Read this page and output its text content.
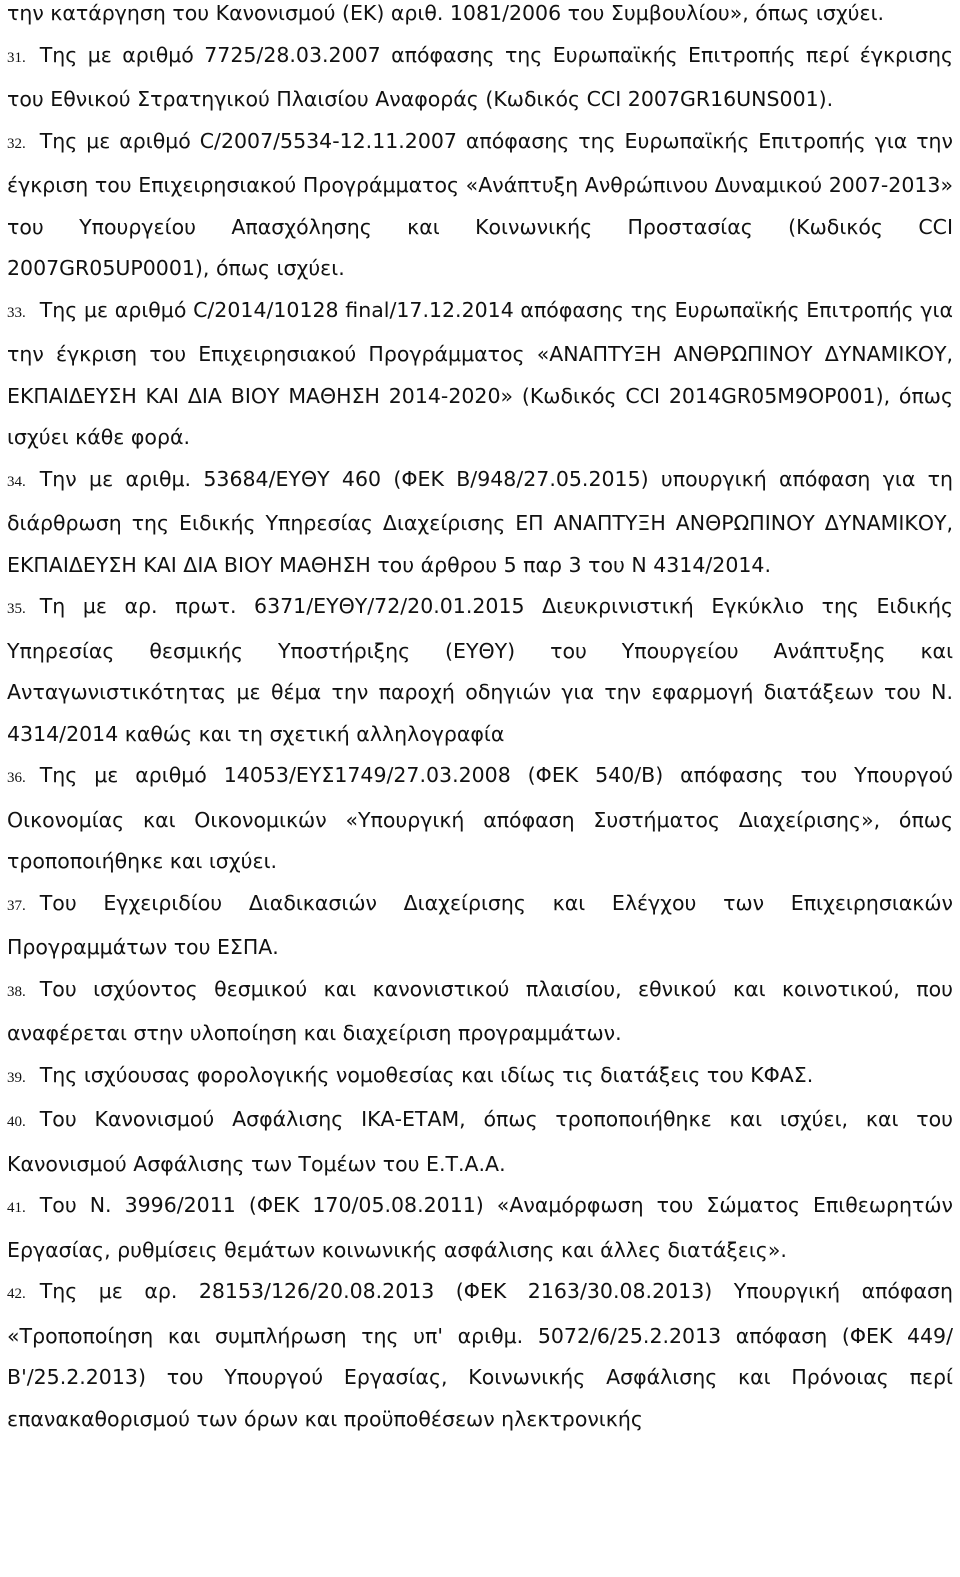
την κατάργηση του Κανονισμού (ΕΚ) αριθ. 1081/2006 του Συμβουλίου», όπως ισχύει.

31. Της με αριθμό 7725/28.03.2007 απόφασης της Ευρωπαϊκής Επιτροπής περί έγκρισης του Εθνικού Στρατηγικού Πλαισίου Αναφοράς (Κωδικός CCI 2007GR16UNS001).

32. Της με αριθμό C/2007/5534-12.11.2007 απόφασης της Ευρωπαϊκής Επιτροπής για την έγκριση του Επιχειρησιακού Προγράμματος «Ανάπτυξη Ανθρώπινου Δυναμικού 2007-2013» του Υπουργείου Απασχόλησης και Κοινωνικής Προστασίας (Κωδικός CCI 2007GR05UP0001), όπως ισχύει.

33. Της με αριθμό C/2014/10128 final/17.12.2014 απόφασης της Ευρωπαϊκής Επιτροπής για την έγκριση του Επιχειρησιακού Προγράμματος «ΑΝΑΠΤΥΞΗ ΑΝΘΡΩΠΙΝΟΥ ΔΥΝΑΜΙΚΟΥ, ΕΚΠΑΙΔΕΥΣΗ ΚΑΙ ΔΙΑ ΒΙΟΥ ΜΑΘΗΣΗ 2014-2020» (Κωδικός CCI 2014GR05M9OP001), όπως ισχύει κάθε φορά.

34. Την με αριθμ. 53684/ΕΥΘΥ 460 (ΦΕΚ Β/948/27.05.2015) υπουργική απόφαση για τη διάρθρωση της Ειδικής Υπηρεσίας Διαχείρισης ΕΠ ΑΝΑΠΤΥΞΗ ΑΝΘΡΩΠΙΝΟΥ ΔΥΝΑΜΙΚΟΥ, ΕΚΠΑΙΔΕΥΣΗ ΚΑΙ ΔΙΑ ΒΙΟΥ ΜΑΘΗΣΗ του άρθρου 5 παρ 3 του Ν 4314/2014.

35. Τη με αρ. πρωτ. 6371/ΕΥΘΥ/72/20.01.2015 Διευκρινιστική Εγκύκλιο της Ειδικής Υπηρεσίας θεσμικής Υποστήριξης (ΕΥΘΥ) του Υπουργείου Ανάπτυξης και Ανταγωνιστικότητας με θέμα την παροχή οδηγιών για την εφαρμογή διατάξεων του Ν. 4314/2014 καθώς και τη σχετική αλληλογραφία

36. Της με αριθμό 14053/ΕΥΣ1749/27.03.2008 (ΦΕΚ 540/Β) απόφασης του Υπουργού Οικονομίας και Οικονομικών «Υπουργική απόφαση Συστήματος Διαχείρισης», όπως τροποποιήθηκε και ισχύει.

37. Του Εγχειριδίου Διαδικασιών Διαχείρισης και Ελέγχου των Επιχειρησιακών Προγραμμάτων του ΕΣΠΑ.

38. Του ισχύοντος θεσμικού και κανονιστικού πλαισίου, εθνικού και κοινοτικού, που αναφέρεται στην υλοποίηση και διαχείριση προγραμμάτων.

39. Της ισχύουσας φορολογικής νομοθεσίας και ιδίως τις διατάξεις του ΚΦΑΣ.

40. Του Κανονισμού Ασφάλισης ΙΚΑ-ΕΤΑΜ, όπως τροποποιήθηκε και ισχύει, και του Κανονισμού Ασφάλισης των Τομέων του Ε.Τ.Α.Α.

41. Του Ν. 3996/2011 (ΦΕΚ 170/05.08.2011) «Αναμόρφωση του Σώματος Επιθεωρητών Εργασίας, ρυθμίσεις θεμάτων κοινωνικής ασφάλισης και άλλες διατάξεις».

42. Της με αρ. 28153/126/20.08.2013 (ΦΕΚ 2163/30.08.2013) Υπουργική απόφαση «Τροποποίηση και συμπλήρωση της υπ' αριθμ. 5072/6/25.2.2013 απόφαση (ΦΕΚ 449/Β'/25.2.2013) του Υπουργού Εργασίας, Κοινωνικής Ασφάλισης και Πρόνοιας περί επανακαθορισμού των όρων και προϋποθέσεων ηλεκτρονικής
